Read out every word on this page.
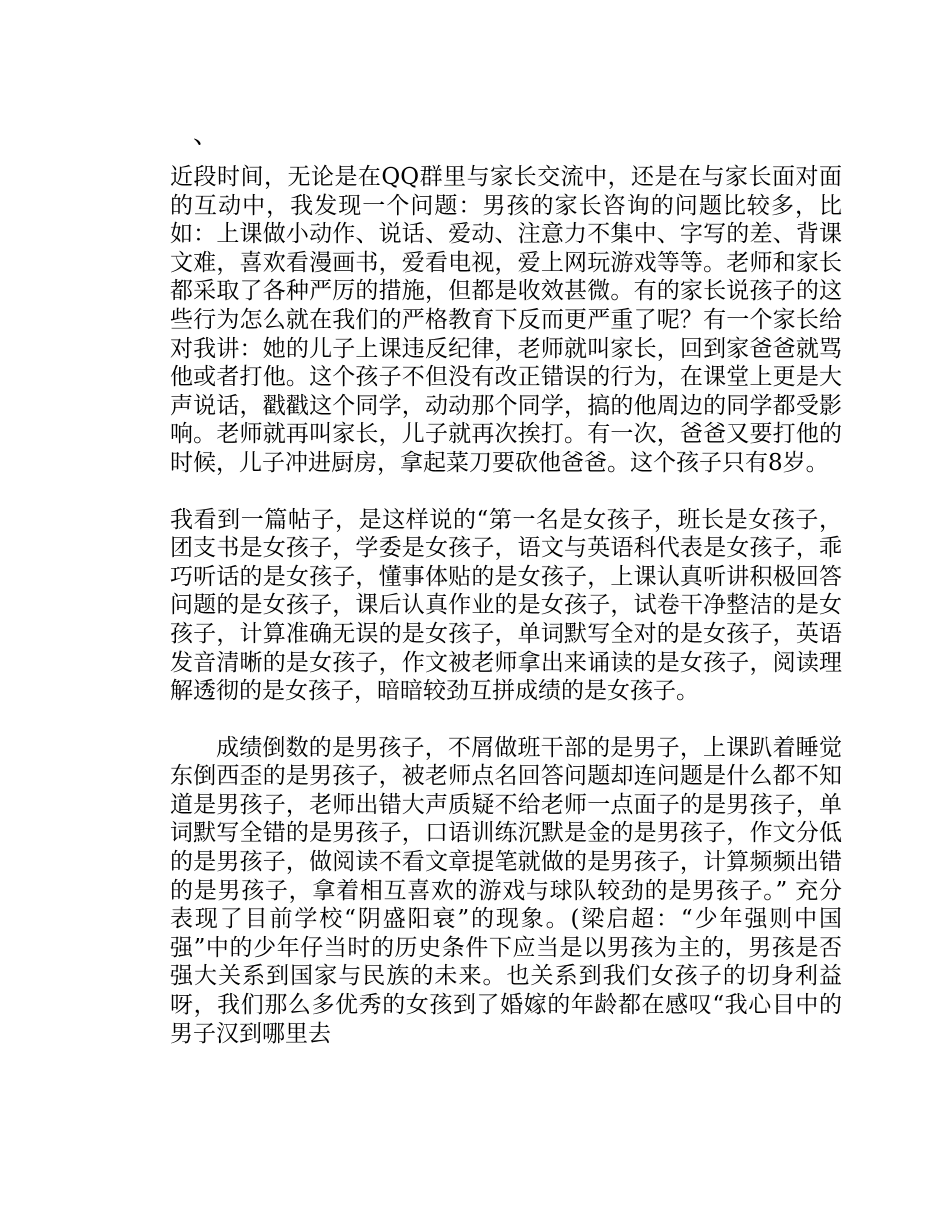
、

近段时间，无论是在QQ群里与家长交流中，还是在与家长面对面的互动中，我发现一个问题：男孩的家长咨询的问题比较多，比如：上课做小动作、说话、爱动、注意力不集中、字写的差、背课文难，喜欢看漫画书，爱看电视，爱上网玩游戏等等。老师和家长都采取了各种严厉的措施，但都是收效甚微。有的家长说孩子的这些行为怎么就在我们的严格教育下反而更严重了呢？有一个家长给对我讲：她的儿子上课违反纪律，老师就叫家长，回到家爸爸就骂他或者打他。这个孩子不但没有改正错误的行为，在课堂上更是大声说话，戳戳这个同学，动动那个同学，搞的他周边的同学都受影响。老师就再叫家长，儿子就再次挨打。有一次，爸爸又要打他的时候，儿子冲进厨房，拿起菜刀要砍他爸爸。这个孩子只有8岁。

我看到一篇帖子，是这样说的“第一名是女孩子，班长是女孩子，团支书是女孩子，学委是女孩子，语文与英语科代表是女孩子，乖巧听话的是女孩子，懂事体贴的是女孩子，上课认真听讲积极回答问题的是女孩子，课后认真作业的是女孩子，试卷干净整洁的是女孩子，计算准确无误的是女孩子，单词默写全对的是女孩子，英语发音清晰的是女孩子，作文被老师拿出来诵读的是女孩子，阅读理解透彻的是女孩子，暗暗较劲互拼成绩的是女孩子。

成绩倒数的是男孩子，不屑做班干部的是男子，上课趴着睡觉东倒西歪的是男孩子，被老师点名回答问题却连问题是什么都不知道是男孩子，老师出错大声质疑不给老师一点面子的是男孩子，单词默写全错的是男孩子，口语训练沉默是金的是男孩子，作文分低的是男孩子，做阅读不看文章提笔就做的是男孩子，计算频频出错的是男孩子，拿着相互喜欢的游戏与球队较劲的是男孩子。” 充分表现了目前学校“阴盛阳衰”的现象。(梁启超：“少年强则中国强”中的少年仔当时的历史条件下应当是以男孩为主的，男孩是否强大关系到国家与民族的未来。也关系到我们女孩子的切身利益呀，我们那么多优秀的女孩到了婚嫁的年龄都在感叹“我心目中的男子汉到哪里去
